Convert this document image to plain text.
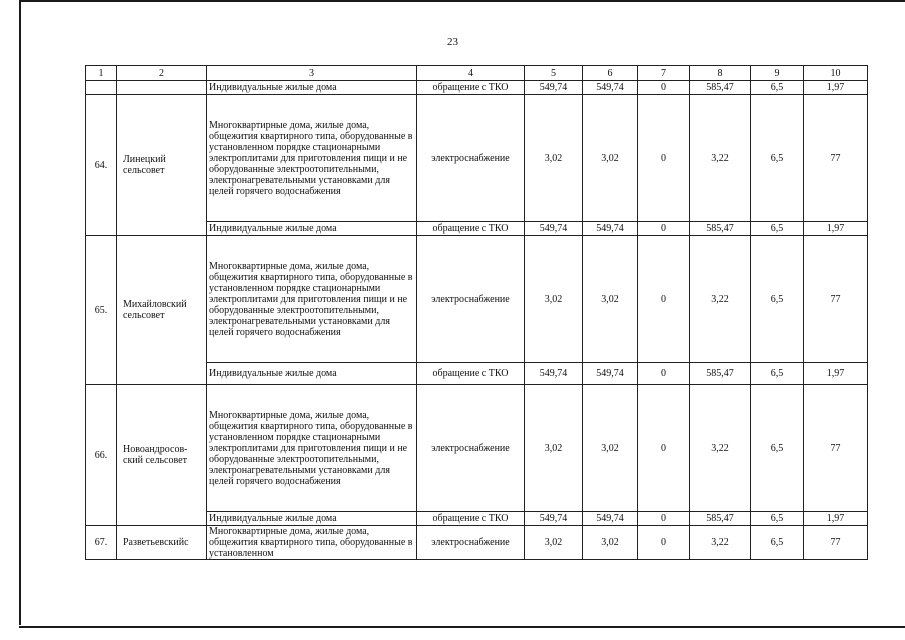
23
1	2	3	4	5	6	7	8	9	10
		Индивидуальные жилые дома	обращение с ТКО	549,74	549,74	0	585,47	6,5	1,97
64.	Линецкий сельсовет	Многоквартирные дома, жилые дома, общежития квартирного типа, оборудованные в установленном порядке стационарными электроплитами для приготовления пищи и не оборудованные электроотопительными, электронагревательными установками для целей горячего водоснабжения	электроснабжение	3,02	3,02	0	3,22	6,5	77
		Индивидуальные жилые дома	обращение с ТКО	549,74	549,74	0	585,47	6,5	1,97
65.	Михайловский сельсовет	Многоквартирные дома, жилые дома, общежития квартирного типа, оборудованные в установленном порядке стационарными электроплитами для приготовления пищи и не оборудованные электроотопительными, электронагревательными установками для целей горячего водоснабжения	электроснабжение	3,02	3,02	0	3,22	6,5	77
		Индивидуальные жилые дома	обращение с ТКО	549,74	549,74	0	585,47	6,5	1,97
66.	Новоандросов-ский сельсовет	Многоквартирные дома, жилые дома, общежития квартирного типа, оборудованные в установленном порядке стационарными электроплитами для приготовления пищи и не оборудованные электроотопительными, электронагревательными установками для целей горячего водоснабжения	электроснабжение	3,02	3,02	0	3,22	6,5	77
		Индивидуальные жилые дома	обращение с ТКО	549,74	549,74	0	585,47	6,5	1,97
67.	Разветьевскийс	Многоквартирные дома, жилые дома, общежития квартирного типа, оборудованные в установленном	электроснабжение	3,02	3,02	0	3,22	6,5	77
